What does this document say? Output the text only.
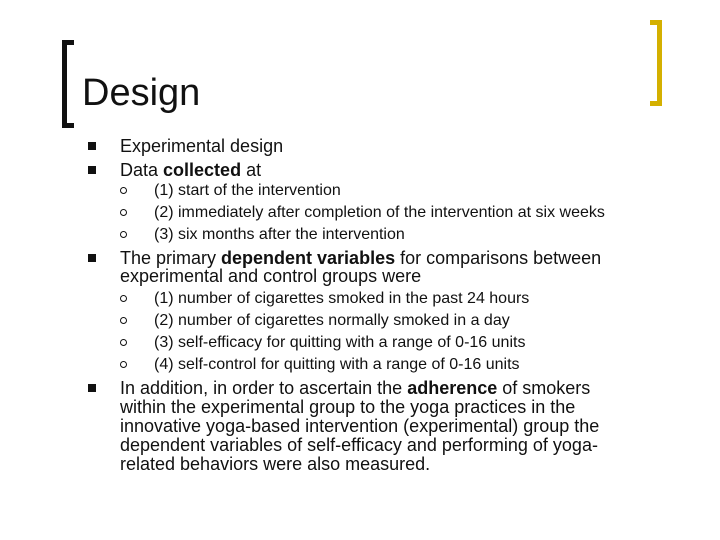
Design
Experimental design
Data collected at
(1) start of the intervention
(2) immediately after completion of the intervention at six weeks
(3) six months after the intervention
The primary dependent variables for comparisons between
experimental and control groups were
(1) number of cigarettes smoked in the past 24 hours
(2) number of cigarettes normally smoked in a day
(3) self-efficacy for quitting with a range of 0-16 units
(4) self-control for quitting with a range of 0-16 units
In addition, in order to ascertain the adherence of smokers
within the experimental group to the yoga practices in the
innovative yoga-based intervention (experimental) group the
dependent variables of self-efficacy and performing of yoga-
related behaviors were also measured.
